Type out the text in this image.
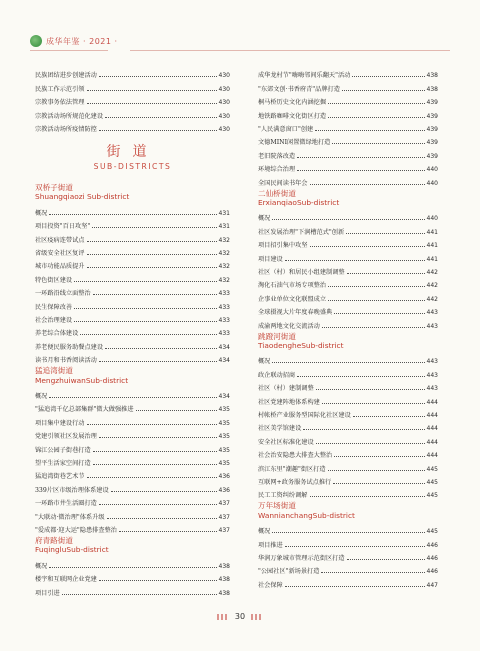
成华年鉴 · 2021 ·
民族团结进步创建活动	430
民族工作示范引领	430
宗教事务依法管理	430
宗教活动场所规范化建设	430
宗教活动场所疫情防控	430
街道
SUB-DISTRICTS
双桥子街道
Shuangqiaozi Sub-district
概况	431
项目投资"百日攻坚"	431
社区疫病连带试点	432
省级安全社区复评	432
城市功能品质提升	432
特色街区建设	432
一环路沿线立面整治	433
民生保障改善	433
社会治理建设	433
养老综合体建设	433
养老便民服务助餐点建设	434
读书月和书香阅读活动	434
猛追湾街道
MengzhuiwanSub-district
概况	434
"猛追湾千亿总部集群"微大做强推进	435
项目集中建设行动	435
党建引领社区发展治理	435
锦江公园子街巷打造	435
望平生活家空间打造	435
猛追湾街巷艺术节	436
339片区市级治理体系建设	436
一环路市井生活圈打造	437
"大联动·微治理"体系升级	437
"爱成都·迎大运"隐患排查整治	437
府青路街道
FuqingluSub-district
概况	438
楼宇和互联网企业党建	438
项目引进	438
成华龙村节"嗨嗨邻间乐翻天"活动	438
"东郊文创·书香府青"品牌打造	438
桐马桥历史文化内涵挖掘	439
地铁路咖啡文化街区打造	439
"人民满意窗口"创建	439
文德MINI闲置微绿地打造	439
老旧院落改造	439
环境综合治理	440
全国民间读书年会	440
二仙桥街道
ErxianqiaoSub-district
概况	440
社区发展治理"下涧槽范式"创新	441
项目招引集中攻坚	441
项目建设	441
社区（村）和居民小组建制调整	442
淘化石油气市场专项整治	442
企事业单位文化联盟成立	442
全球摄视大片年度春晚盛典	443
成渝两地文化交流活动	443
跳蹬河街道
TiaodengheSub-district
概况	443
政企联动招商	443
社区（村）建制调整	443
社区党建阵地体系构建	444
村帐桥产业服务型国际化社区建设	444
社区美学馆建设	444
安全社区标准化建设	444
社会治安隐患大排查大整治	444
滨江东里"潮趣"街区打造	445
互联网+政务服务试点推行	445
民工工资纠纷调解	445
万年场街道
WannianchangSub-district
概况	445
项目推进	446
华润万象城市管理示范街区打造	446
"公园社区"新场景打造	446
社会保障	447
30
